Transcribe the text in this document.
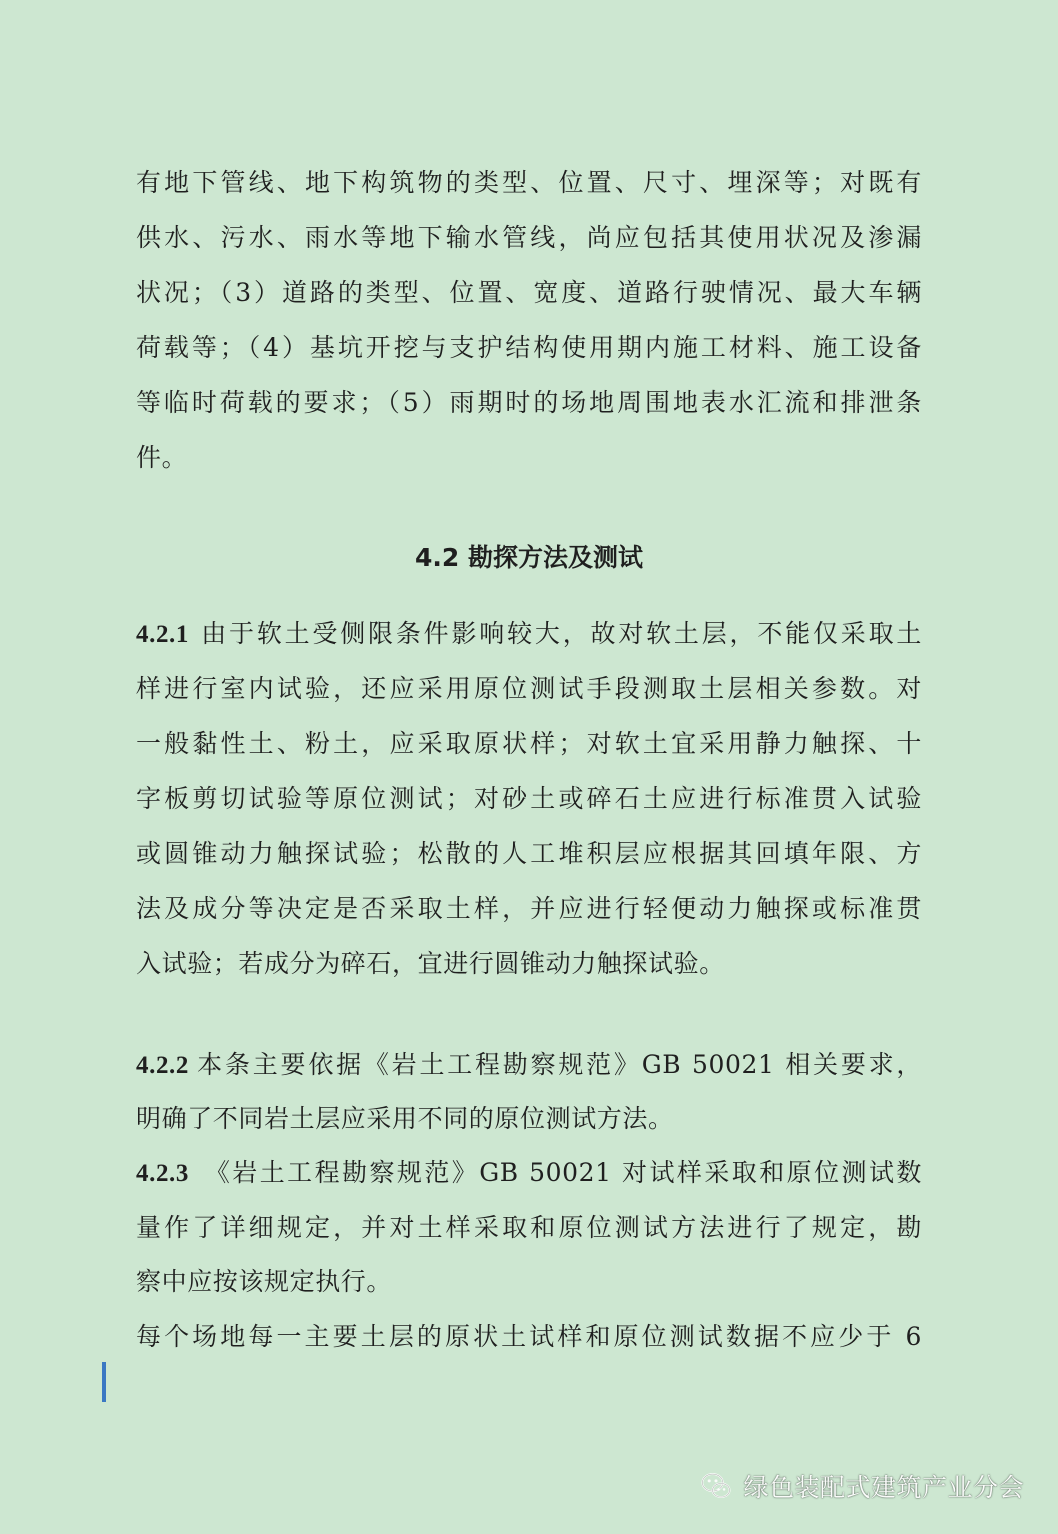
有地下管线、地下构筑物的类型、位置、尺寸、埋深等；对既有
供水、污水、雨水等地下输水管线，尚应包括其使用状况及渗漏
状况；（3）道路的类型、位置、宽度、道路行驶情况、最大车辆
荷载等；（4）基坑开挖与支护结构使用期内施工材料、施工设备
等临时荷载的要求；（5）雨期时的场地周围地表水汇流和排泄条
件。
4.2 勘探方法及测试
4.2.1 由于软土受侧限条件影响较大，故对软土层，不能仅采取土
样进行室内试验，还应采用原位测试手段测取土层相关参数。对
一般黏性土、粉土，应采取原状样；对软土宜采用静力触探、十
字板剪切试验等原位测试；对砂土或碎石土应进行标准贯入试验
或圆锥动力触探试验；松散的人工堆积层应根据其回填年限、方
法及成分等决定是否采取土样，并应进行轻便动力触探或标准贯
入试验；若成分为碎石，宜进行圆锥动力触探试验。
4.2.2 本条主要依据《岩土工程勘察规范》GB 50021 相关要求，
明确了不同岩土层应采用不同的原位测试方法。
4.2.3 《岩土工程勘察规范》GB 50021 对试样采取和原位测试数
量作了详细规定，并对土样采取和原位测试方法进行了规定，勘
察中应按该规定执行。
每个场地每一主要土层的原状土试样和原位测试数据不应少于 6
绿色装配式建筑产业分会
